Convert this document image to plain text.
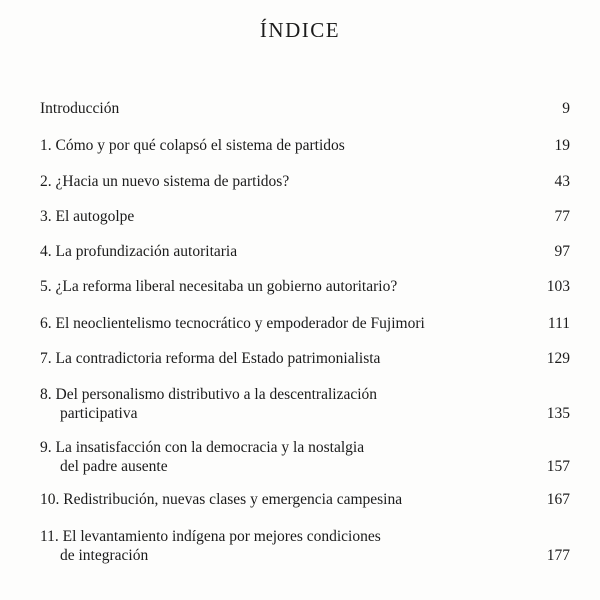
ÍNDICE
Introducción	9
1. Cómo y por qué colapsó el sistema de partidos	19
2. ¿Hacia un nuevo sistema de partidos?	43
3. El autogolpe	77
4. La profundización autoritaria	97
5. ¿La reforma liberal necesitaba un gobierno autoritario?	103
6. El neoclientelismo tecnocrático y empoderador de Fujimori	111
7. La contradictoria reforma del Estado patrimonialista	129
8. Del personalismo distributivo a la descentralización
participativa	135
9. La insatisfacción con la democracia y la nostalgia
del padre ausente	157
10. Redistribución, nuevas clases y emergencia campesina	167
11. El levantamiento indígena por mejores condiciones
de integración	177
